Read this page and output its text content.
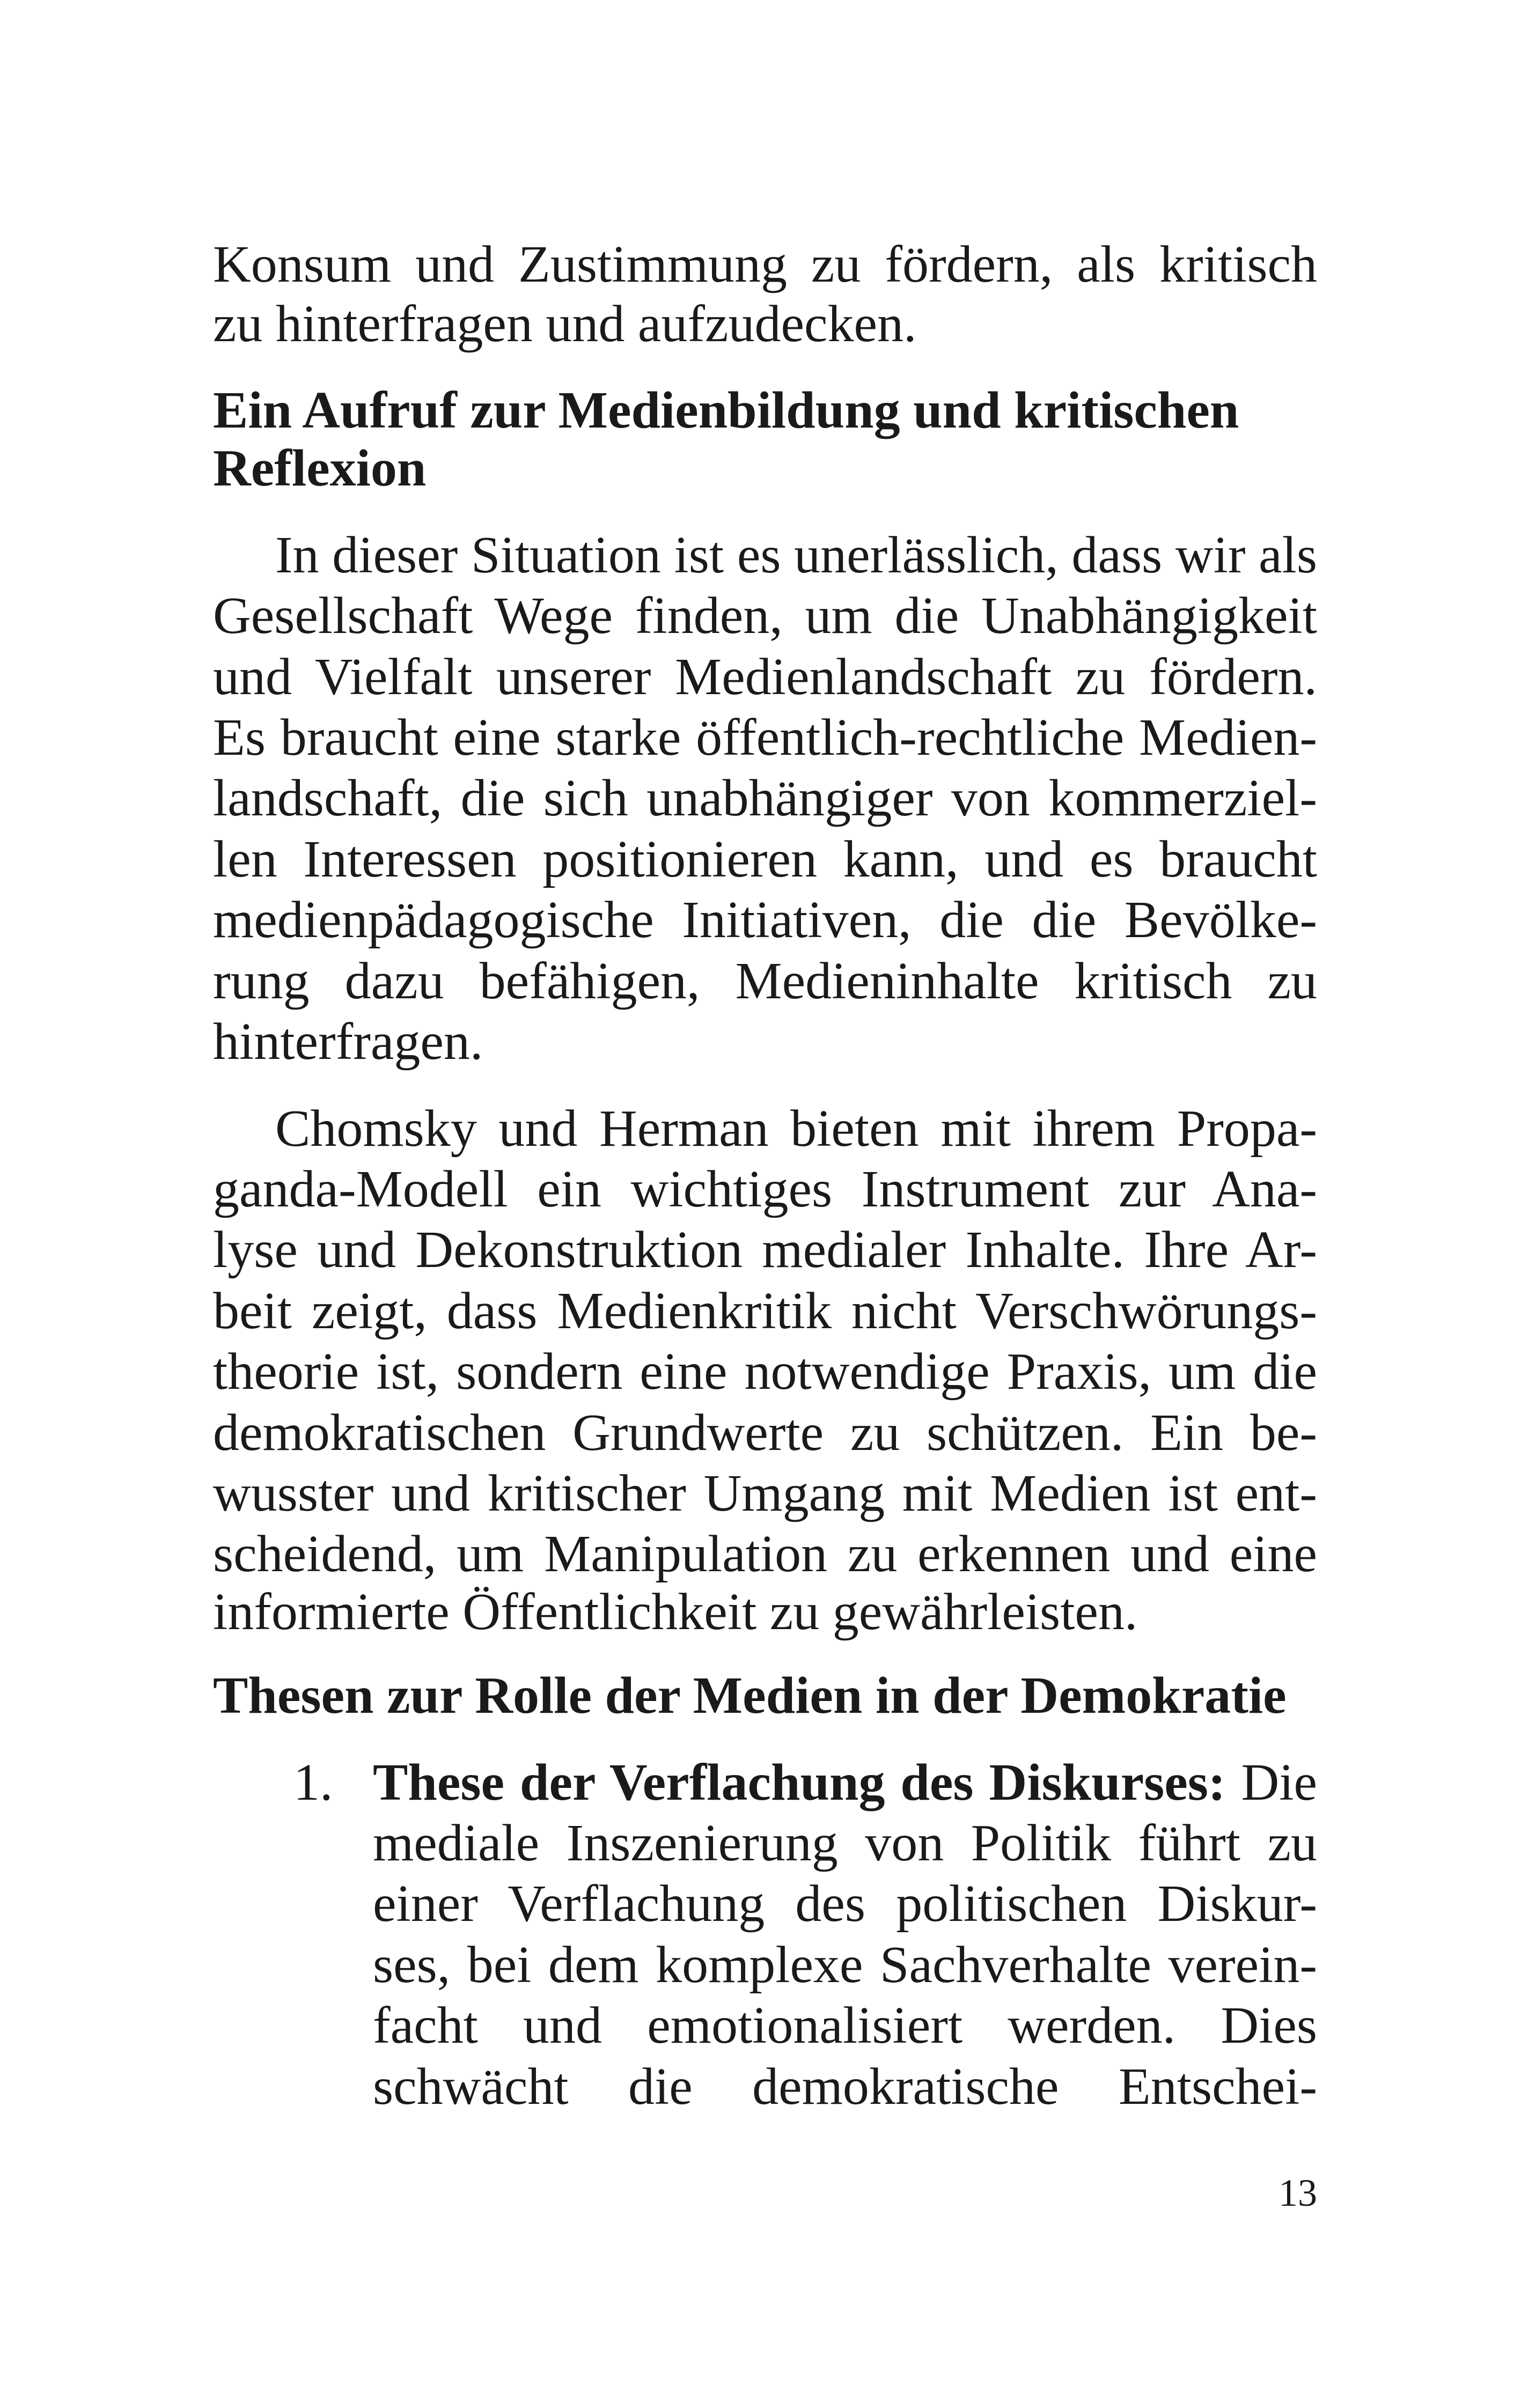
Konsum und Zustimmung zu fördern, als kritisch
zu hinterfragen und aufzudecken.
Ein Aufruf zur Medienbildung und kritischen
Reflexion
In dieser Situation ist es unerlässlich, dass wir als
Gesellschaft Wege finden, um die Unabhängigkeit
und Vielfalt unserer Medienlandschaft zu fördern.
Es braucht eine starke öffentlich-rechtliche Medien-
landschaft, die sich unabhängiger von kommerziel-
len Interessen positionieren kann, und es braucht
medienpädagogische Initiativen, die die Bevölke-
rung dazu befähigen, Medieninhalte kritisch zu
hinterfragen.
Chomsky und Herman bieten mit ihrem Propa-
ganda-Modell ein wichtiges Instrument zur Ana-
lyse und Dekonstruktion medialer Inhalte. Ihre Ar-
beit zeigt, dass Medienkritik nicht Verschwörungs-
theorie ist, sondern eine notwendige Praxis, um die
demokratischen Grundwerte zu schützen. Ein be-
wusster und kritischer Umgang mit Medien ist ent-
scheidend, um Manipulation zu erkennen und eine
informierte Öffentlichkeit zu gewährleisten.
Thesen zur Rolle der Medien in der Demokratie
1. These der Verflachung des Diskurses: Die
mediale Inszenierung von Politik führt zu
einer Verflachung des politischen Diskur-
ses, bei dem komplexe Sachverhalte verein-
facht und emotionalisiert werden. Dies
schwächt die demokratische Entschei-
13
